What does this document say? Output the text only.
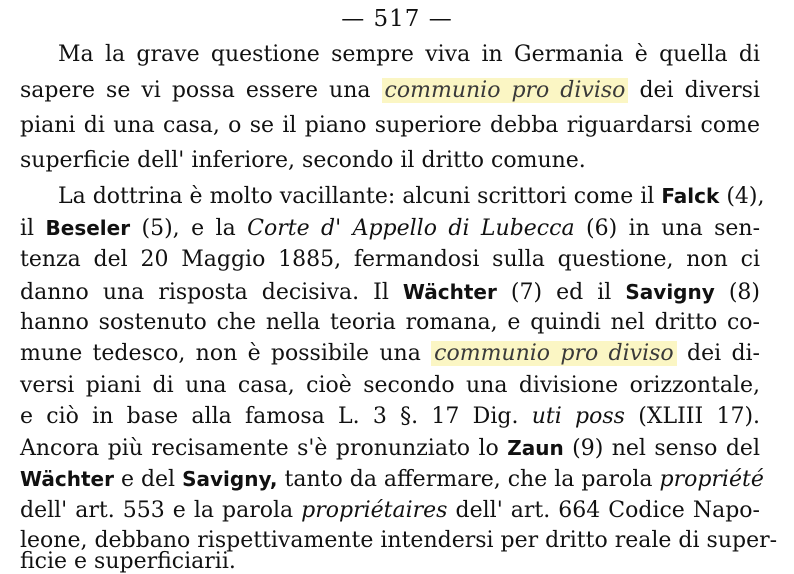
— 517 —
Ma la grave questione sempre viva in Germania è quella di
sapere se vi possa essere una communio pro diviso dei diversi
piani di una casa, o se il piano superiore debba riguardarsi come
superficie dell' inferiore, secondo il dritto comune.
La dottrina è molto vacillante: alcuni scrittori come il Falck (4),
il Beseler (5), e la Corte d' Appello di Lubecca (6) in una sen-
tenza del 20 Maggio 1885, fermandosi sulla questione, non ci
danno una risposta decisiva. Il Wächter (7) ed il Savigny (8)
hanno sostenuto che nella teoria romana, e quindi nel dritto co-
mune tedesco, non è possibile una communio pro diviso dei di-
versi piani di una casa, cioè secondo una divisione orizzontale,
e ciò in base alla famosa L. 3 §. 17 Dig. uti poss (XLIII 17).
Ancora più recisamente s'è pronunziato lo Zaun (9) nel senso del
Wächter e del Savigny, tanto da affermare, che la parola propriété
dell' art. 553 e la parola propriétaires dell' art. 664 Codice Napo-
leone, debbano rispettivamente intendersi per dritto reale di super-
ficie e superficiarii.
